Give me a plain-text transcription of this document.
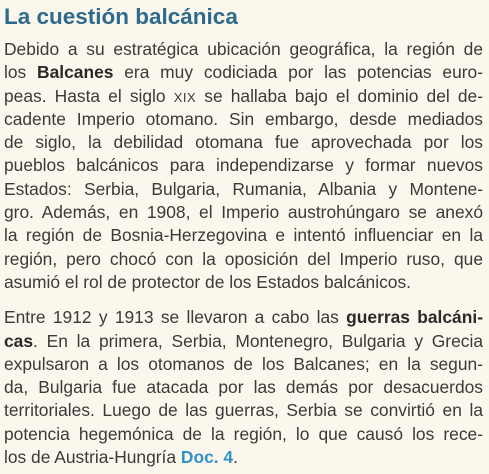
La cuestión balcánica
Debido a su estratégica ubicación geográfica, la región de
los Balcanes era muy codiciada por las potencias euro-
peas. Hasta el siglo XIX se hallaba bajo el dominio del de-
cadente Imperio otomano. Sin embargo, desde mediados
de siglo, la debilidad otomana fue aprovechada por los
pueblos balcánicos para independizarse y formar nuevos
Estados: Serbia, Bulgaria, Rumania, Albania y Montene-
gro. Además, en 1908, el Imperio austrohúngaro se anexó
la región de Bosnia-Herzegovina e intentó influenciar en la
región, pero chocó con la oposición del Imperio ruso, que
asumió el rol de protector de los Estados balcánicos.
Entre 1912 y 1913 se llevaron a cabo las guerras balcáni-
cas. En la primera, Serbia, Montenegro, Bulgaria y Grecia
expulsaron a los otomanos de los Balcanes; en la segun-
da, Bulgaria fue atacada por las demás por desacuerdos
territoriales. Luego de las guerras, Serbia se convirtió en la
potencia hegemónica de la región, lo que causó los rece-
los de Austria-Hungría Doc. 4.
